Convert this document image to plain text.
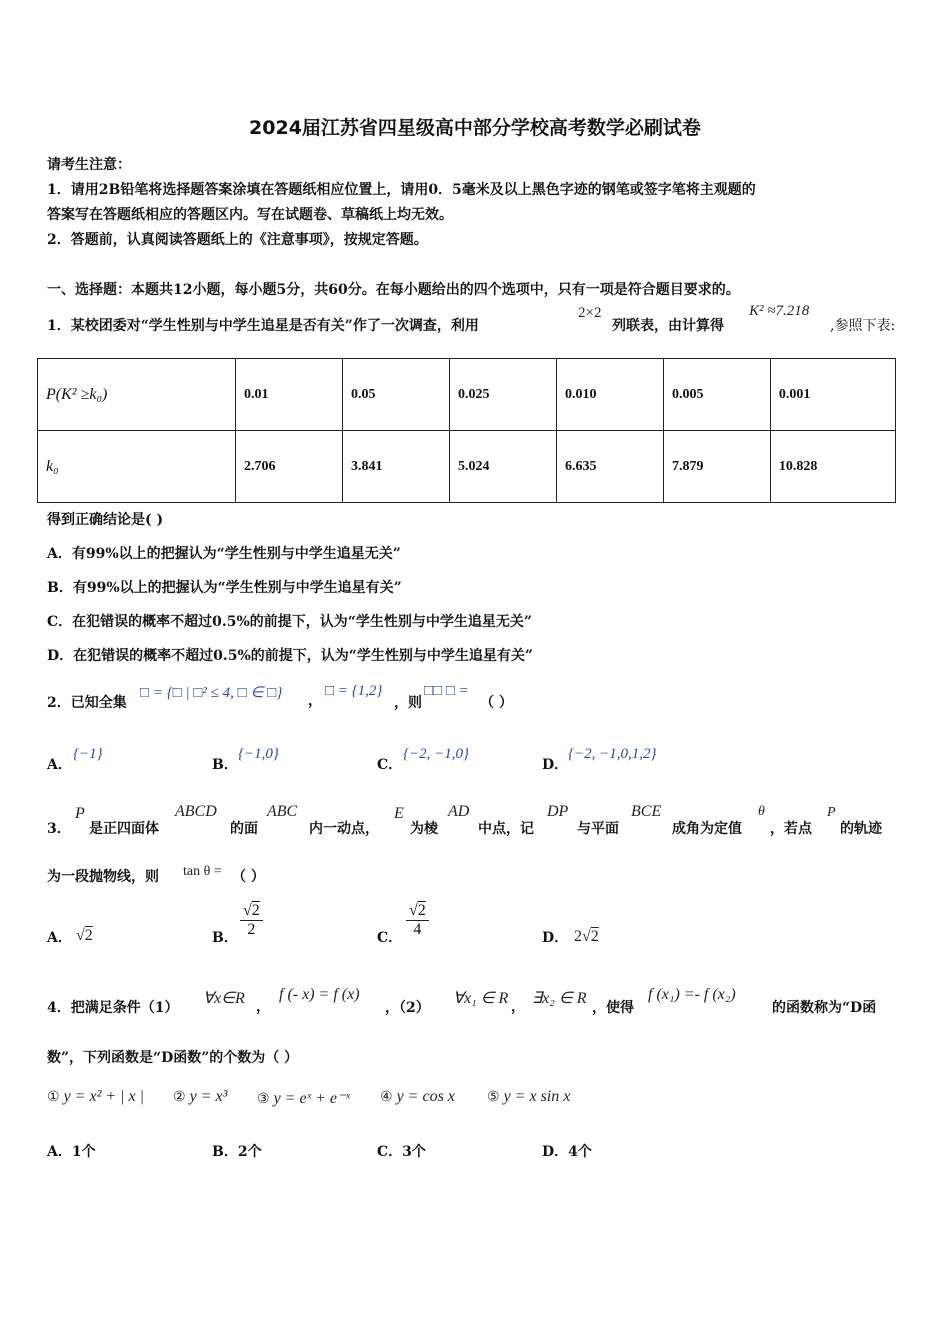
2024届江苏省四星级高中部分学校高考数学必刷试卷
请考生注意：
1．请用2B铅笔将选择题答案涂填在答题纸相应位置上，请用0．5毫米及以上黑色字迹的钢笔或签字笔将主观题的
答案写在答题纸相应的答题区内。写在试题卷、草稿纸上均无效。
2．答题前，认真阅读答题纸上的《注意事项》，按规定答题。
一、选择题：本题共12小题，每小题5分，共60分。在每小题给出的四个选项中，只有一项是符合题目要求的。
1．某校团委对“学生性别与中学生追星是否有关”作了一次调查，利用
2×2
列联表，由计算得
K² ≈7.218
,参照下表:
P(K² ≥k₀)	0.01	0.05	0.025	0.010	0.005	0.001
k₀	2.706	3.841	5.024	6.635	7.879	10.828
得到正确结论是( )
A．有99%以上的把握认为“学生性别与中学生追星无关”
B．有99%以上的把握认为“学生性别与中学生追星有关”
C．在犯错误的概率不超过0.5%的前提下，认为“学生性别与中学生追星无关”
D．在犯错误的概率不超过0.5%的前提下，认为“学生性别与中学生追星有关”
2．已知全集
□ = {□ | □² ≤ 4, □ ∈ □} ，
□ = {1,2}
，则
□□ □ =
（ ）
A．
{−1}
B．
{−1,0}
C．
{−2, −1,0}
D．
{−2, −1,0,1,2}
3．
P
是正四面体
ABCD
的面
ABC
内一动点，
E
为棱
AD
中点，记
DP
与平面
BCE
成角为定值
θ
，若点
P
的轨迹
为一段抛物线，则 tan θ = （ ）
A． √2	B． $\frac{√2}{2}$	C． $\frac{√2}{4}$	D． 2√2
4．把满足条件（1）
∀x∈R ，
f (- x) = f (x)
，（2）
∀x₁ ∈ R ， ∃x₂ ∈ R
，使得
f (x₁) =- f (x₂)
的函数称为“D函
数”，下列函数是“D函数”的个数为（ ）
① y = x² + | x | ② y = x³ ③ y = eˣ + e⁻ˣ ④ y = cos x ⑤ y = x sin x
A．1个	B．2个	C．3个	D．4个
